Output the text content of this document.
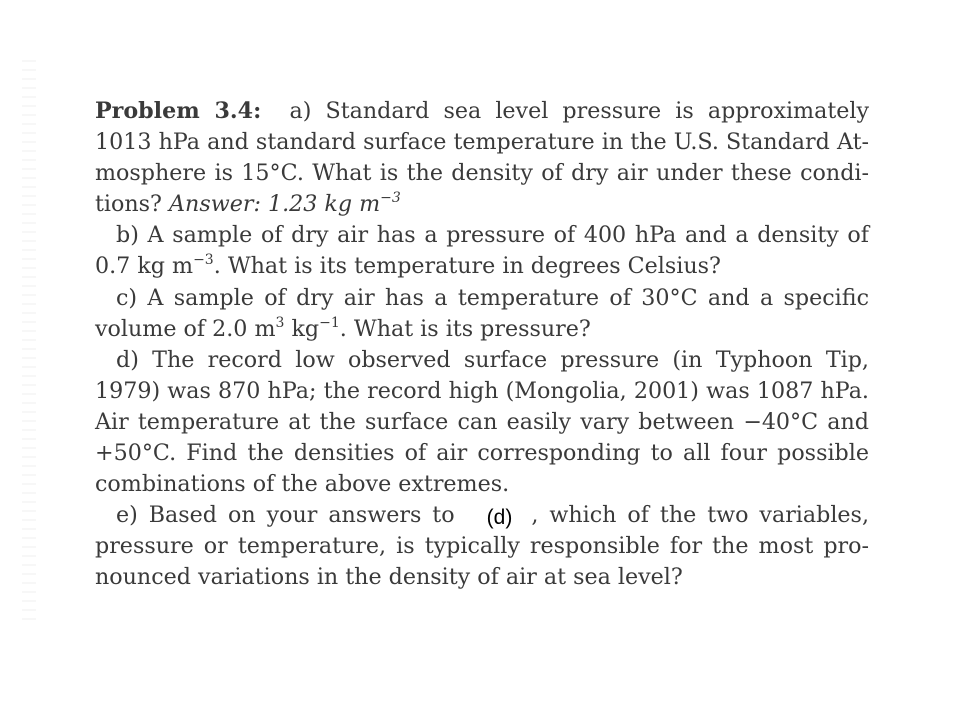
Problem 3.4: a) Standard sea level pressure is approximately
1013 hPa and standard surface temperature in the U.S. Standard At-
mosphere is 15°C. What is the density of dry air under these condi-
tions? Answer: 1.23 kg $m^{-3}$
b) A sample of dry air has a pressure of 400 hPa and a density of
0.7 kg $m^{-3}$. What is its temperature in degrees Celsius?
c) A sample of dry air has a temperature of 30°C and a specific
volume of 2.0 $m^3$ $kg^{-1}$. What is its pressure?
d) The record low observed surface pressure (in Typhoon Tip,
1979) was 870 hPa; the record high (Mongolia, 2001) was 1087 hPa.
Air temperature at the surface can easily vary between −40°C and
+50°C. Find the densities of air corresponding to all four possible
combinations of the above extremes.
e) Based on your answers to	, which of the two variables,
pressure or temperature, is typically responsible for the most pro-
nounced variations in the density of air at sea level?
(d)
